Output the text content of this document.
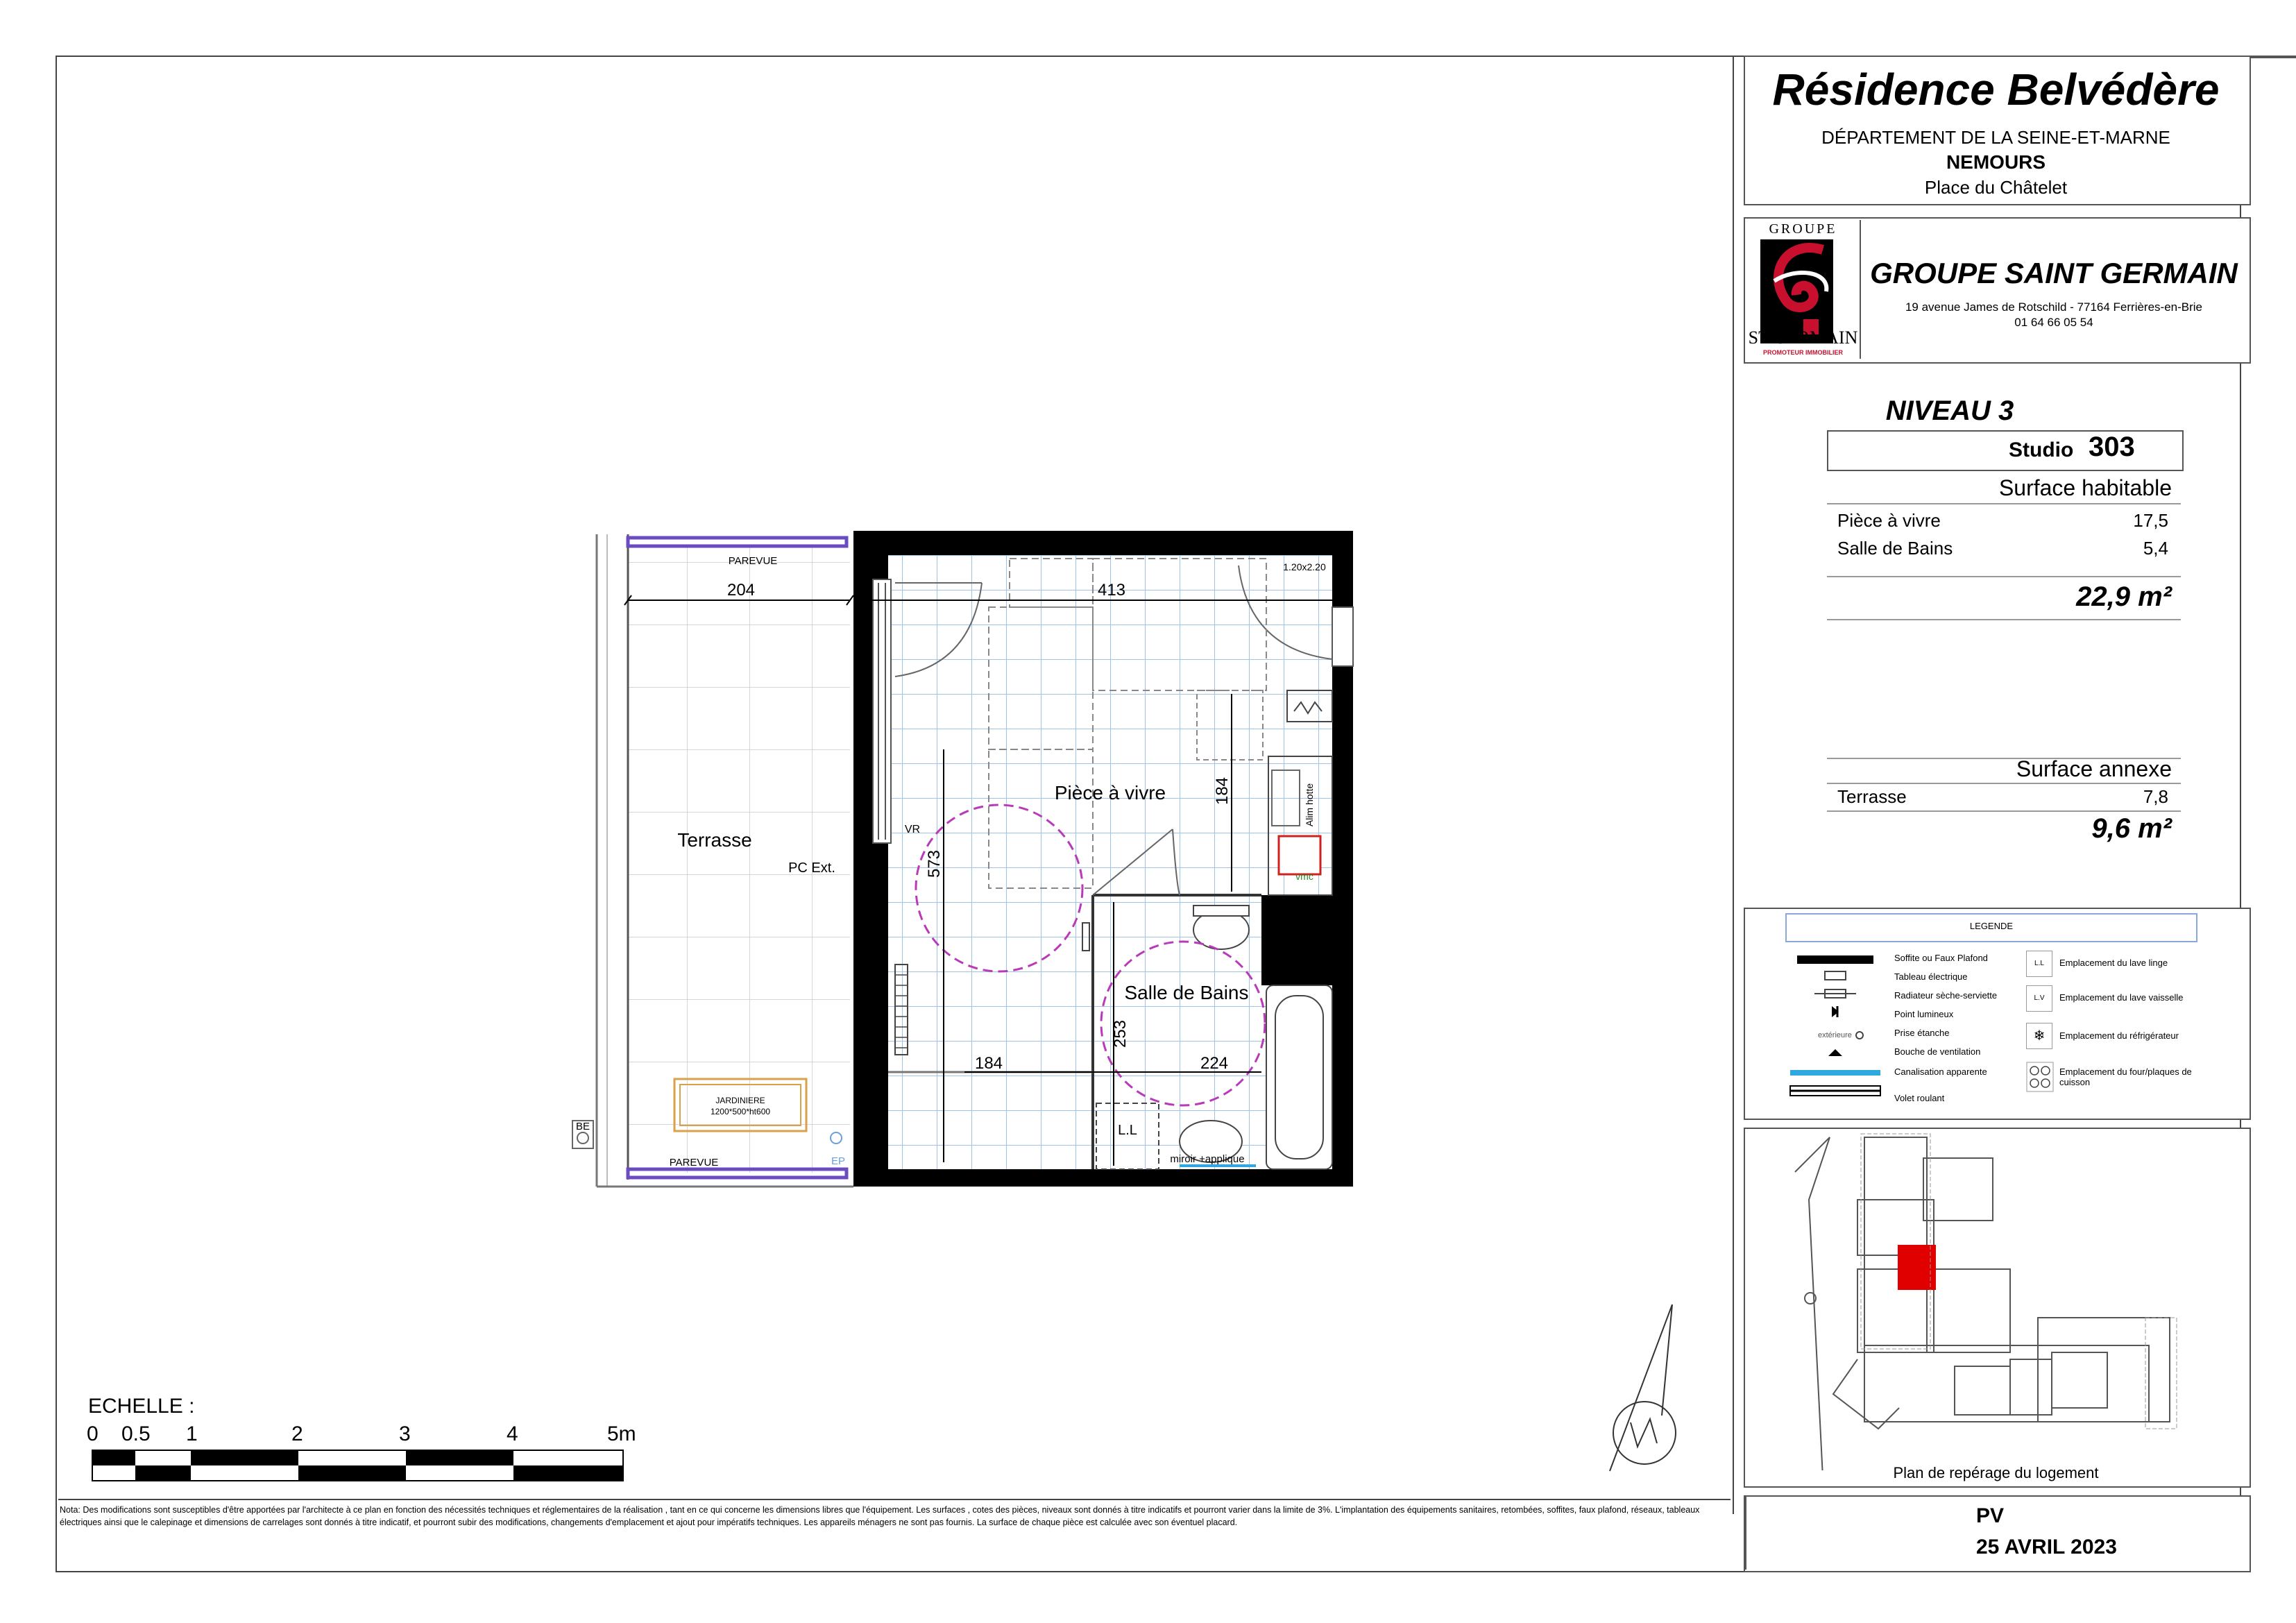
PAREVUE
PAREVUE
204	413
1.20x2.20
Terrasse
Pièce à vivre
Salle de Bains
PC Ext.
VR
BE
EP
JARDINIERE
1200*500*ht600
184	224
573
184
253
L.L
miroir +applique
vmc
Alim hotte
ECHELLE :
0 0.5 1	2	3	4	5m
Nota: Des modifications sont susceptibles d'être apportées par l'architecte à ce plan en fonction des nécessités techniques et réglementaires de la réalisation , tant en ce qui concerne les dimensions libres que l'équipement. Les surfaces , cotes des pièces, niveaux sont donnés à titre indicatifs et pourront varier dans la limite de 3%. L'implantation des équipements sanitaires, retombées, soffites, faux plafond, réseaux, tableaux électriques ainsi que le calepinage et dimensions de carrelages sont donnés à titre indicatif, et pourront subir des modifications, changements d'emplacement et ajout pour impératifs techniques. Les appareils ménagers ne sont pas fournis. La surface de chaque pièce est calculée avec son éventuel placard.
Résidence Belvédère
DÉPARTEMENT DE LA SEINE-ET-MARNE
NEMOURS
Place du Châtelet
GROUPE
ST GERMAIN
PROMOTEUR IMMOBILIER
GROUPE SAINT GERMAIN
19 avenue James de Rotschild - 77164 Ferrières-en-Brie
01 64 66 05 54
NIVEAU 3
Studio 303
Surface habitable
Pièce à vivre	17,5
Salle de Bains	5,4
22,9 m²
Surface annexe
Terrasse	7,8
9,6 m²
LEGENDE
extérieure
Soffite ou Faux Plafond
Tableau électrique
Radiateur sèche-serviette
Point lumineux
Prise étanche
Bouche de ventilation
Canalisation apparente
Volet roulant
L.L
L.V
❄
Emplacement du lave linge
Emplacement du lave vaisselle
Emplacement du réfrigérateur
Emplacement du four/plaques de cuisson
Plan de repérage du logement
PV
25 AVRIL 2023
